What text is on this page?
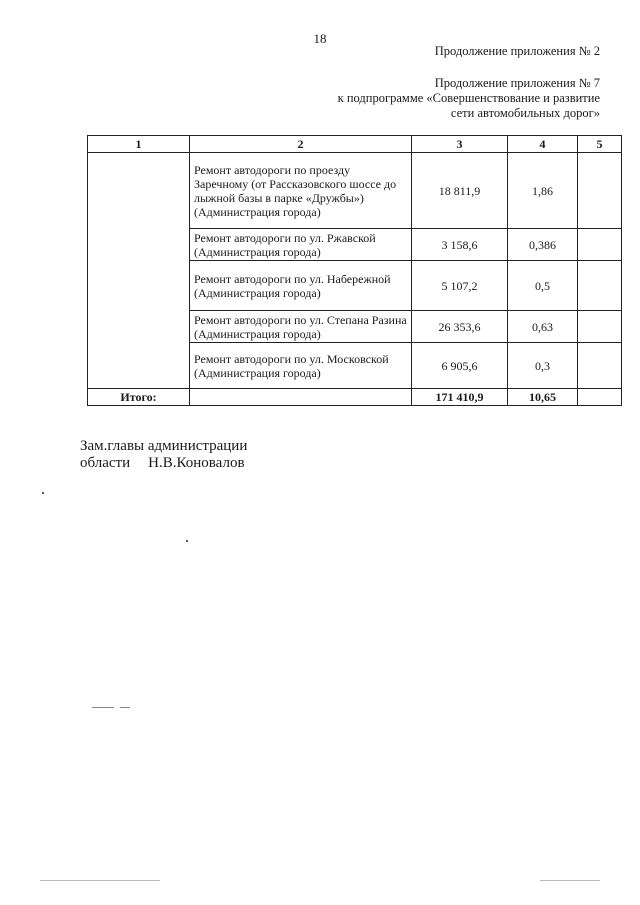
18
Продолжение приложения № 2
Продолжение приложения № 7
к подпрограмме «Совершенствование и развитие
сети автомобильных дорог»
1	2	3	4	5
	Ремонт автодороги по проезду Заречному (от Рассказовского шоссе до лыжной базы в парке «Дружбы») (Администрация города)	18 811,9	1,86	
	Ремонт автодороги по ул. Ржавской (Администрация города)	3 158,6	0,386	
	Ремонт автодороги по ул. Набережной (Администрация города)	5 107,2	0,5	
	Ремонт автодороги по ул. Степана Разина (Администрация города)	26 353,6	0,63	
	Ремонт автодороги по ул. Московской (Администрация города)	6 905,6	0,3	
Итого:		171 410,9	10,65	
Зам.главы администрации
области Н.В.Коновалов
